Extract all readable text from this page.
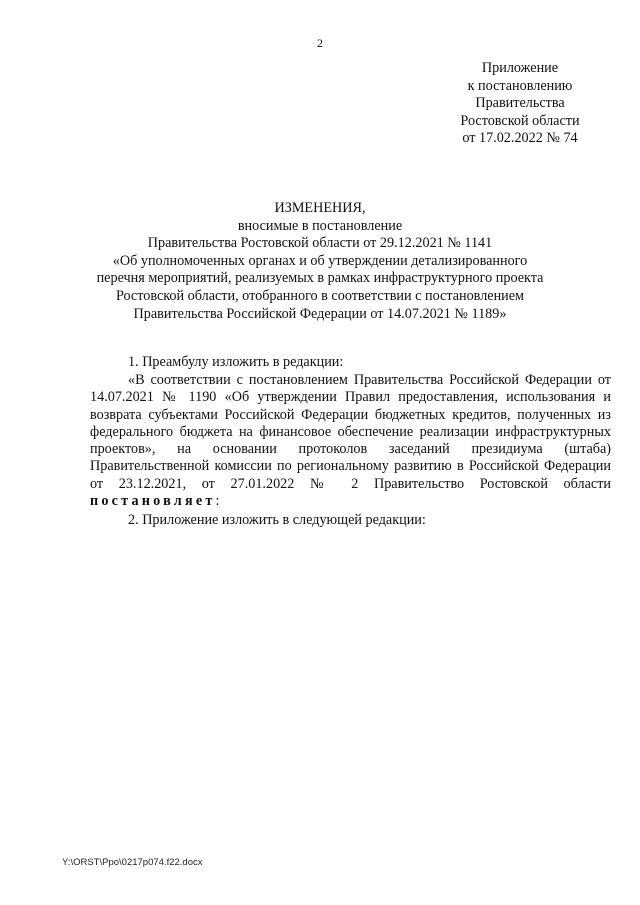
2
Приложение
к постановлению
Правительства
Ростовской области
от 17.02.2022 № 74
ИЗМЕНЕНИЯ,
вносимые в постановление
Правительства Ростовской области от 29.12.2021 № 1141
«Об уполномоченных органах и об утверждении детализированного
перечня мероприятий, реализуемых в рамках инфраструктурного проекта
Ростовской области, отобранного в соответствии с постановлением
Правительства Российской Федерации от 14.07.2021 № 1189»
1. Преамбулу изложить в редакции:
«В соответствии с постановлением Правительства Российской Федерации от 14.07.2021 № 1190 «Об утверждении Правил предоставления, использования и возврата субъектами Российской Федерации бюджетных кредитов, полученных из федерального бюджета на финансовое обеспечение реализации инфраструктурных проектов», на основании протоколов заседаний президиума (штаба) Правительственной комиссии по региональному развитию в Российской Федерации от 23.12.2021, от 27.01.2022 № 2 Правительство Ростовской области постановляет:
2. Приложение изложить в следующей редакции:
Y:\ORST\Ppo\0217p074.f22.docx
